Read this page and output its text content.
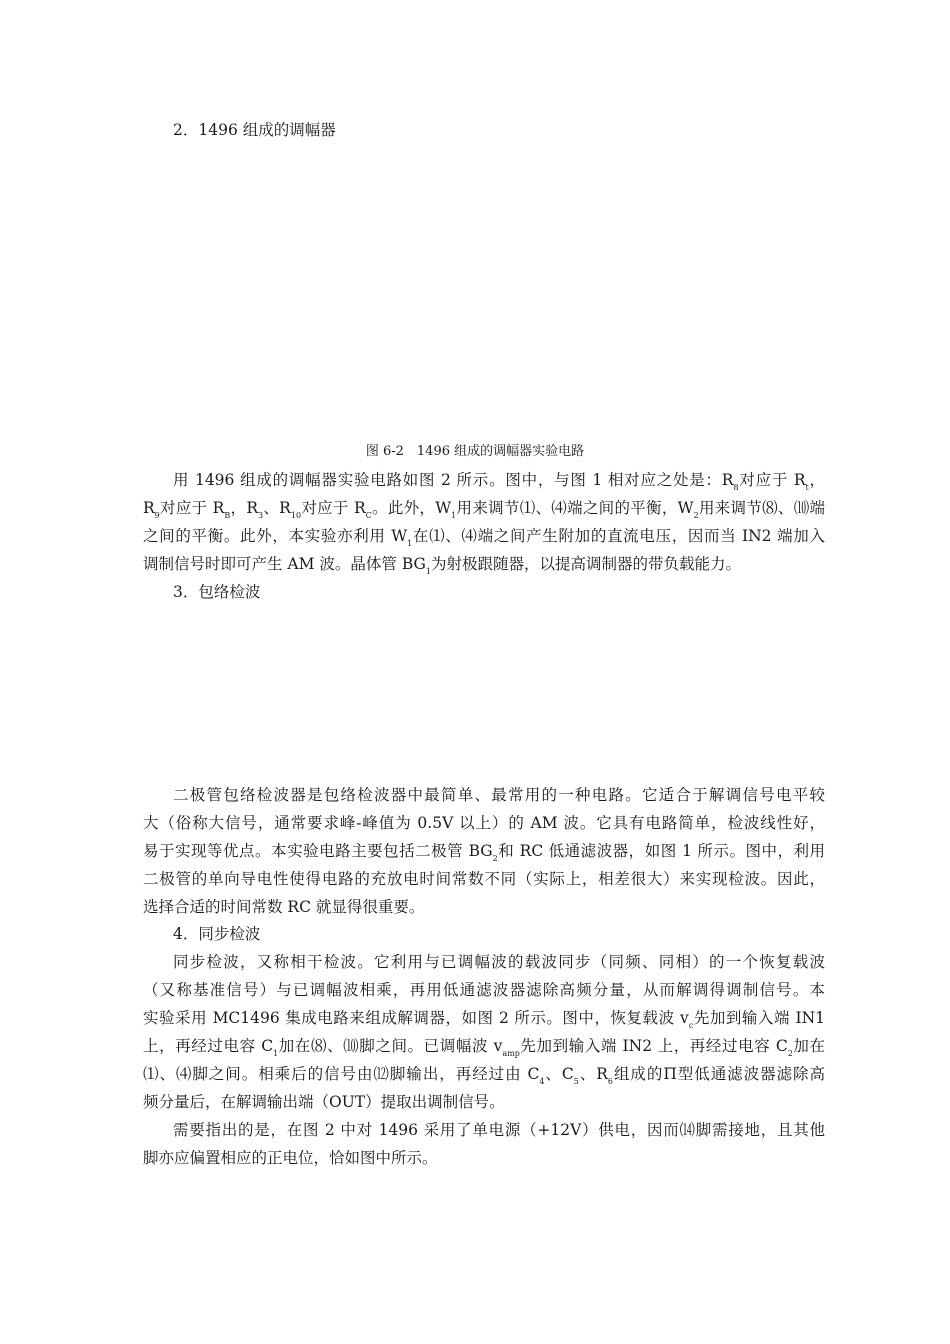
2．1496 组成的调幅器
图 6-2　1496 组成的调幅器实验电路
用 1496 组成的调幅器实验电路如图 2 所示。图中，与图 1 相对应之处是：$R_8$对应于 $R_t$，
$R_9$对应于 $R_B$，$R_3$、$R_{10}$对应于 $R_C$。此外，$W_1$用来调节⑴、⑷端之间的平衡，$W_2$用来调节⑻、⑽端
之间的平衡。此外，本实验亦利用 $W_1$在⑴、⑷端之间产生附加的直流电压，因而当 IN2 端加入
调制信号时即可产生 AM 波。晶体管 $BG_1$为射极跟随器，以提高调制器的带负载能力。
3．包络检波
二极管包络检波器是包络检波器中最简单、最常用的一种电路。它适合于解调信号电平较
大（俗称大信号，通常要求峰-峰值为 0.5V 以上）的 AM 波。它具有电路简单，检波线性好，
易于实现等优点。本实验电路主要包括二极管 $BG_2$和 RC 低通滤波器，如图 1 所示。图中，利用
二极管的单向导电性使得电路的充放电时间常数不同（实际上，相差很大）来实现检波。因此，
选择合适的时间常数 RC 就显得很重要。
4．同步检波
同步检波，又称相干检波。它利用与已调幅波的载波同步（同频、同相）的一个恢复载波
（又称基准信号）与已调幅波相乘，再用低通滤波器滤除高频分量，从而解调得调制信号。本
实验采用 MC1496 集成电路来组成解调器，如图 2 所示。图中，恢复载波 $v_c$先加到输入端 IN1
上，再经过电容 $C_1$加在⑻、⑽脚之间。已调幅波 $v_{amp}$先加到输入端 IN2 上，再经过电容 $C_2$加在
⑴、⑷脚之间。相乘后的信号由⑿脚输出，再经过由 $C_4$、$C_5$、$R_6$组成的Π型低通滤波器滤除高
频分量后，在解调输出端（OUT）提取出调制信号。
需要指出的是，在图 2 中对 1496 采用了单电源（+12V）供电，因而⒁脚需接地，且其他
脚亦应偏置相应的正电位，恰如图中所示。
